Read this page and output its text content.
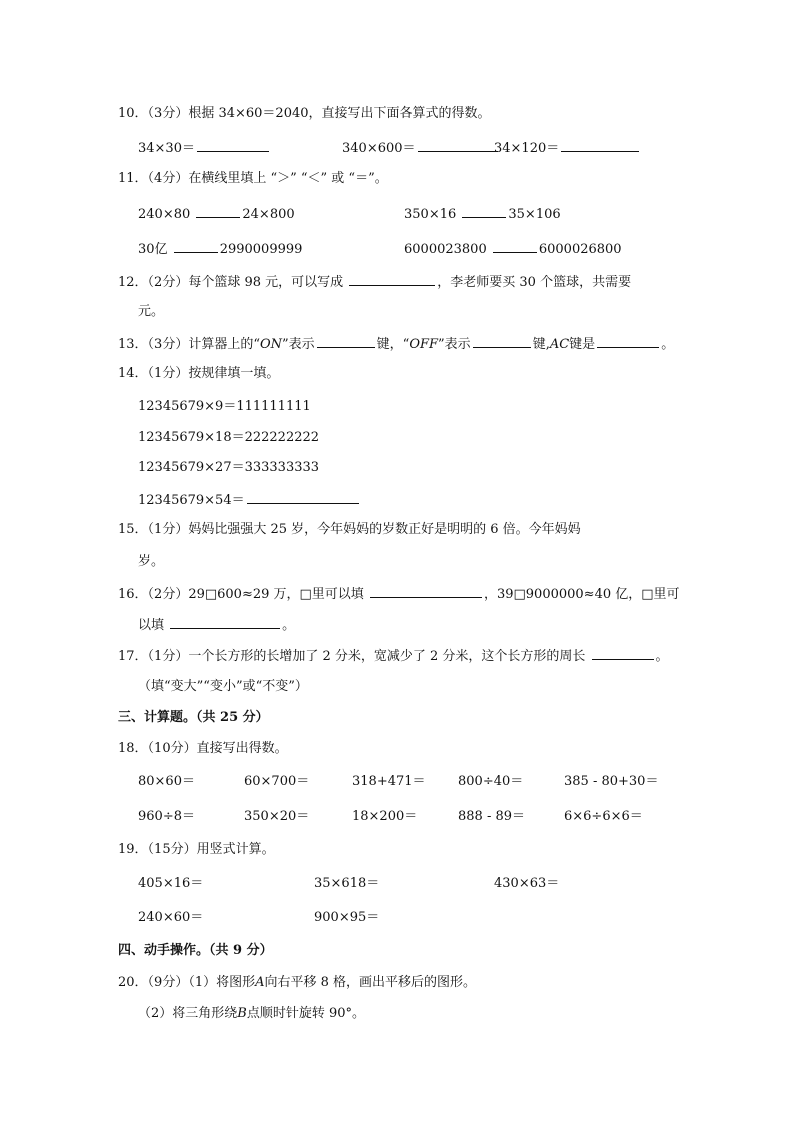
10．（3分）根据 34×60＝2040，直接写出下面各算式的得数。
34×30＝	340×600＝	34×120＝
11．（4分）在横线里填上 “＞” “＜” 或 “＝”。
240×80	24×800	350×16	35×106
30亿	2990009999	6000023800	6000026800
12．（2分）每个篮球 98 元，可以写成	，李老师要买 30 个篮球，共需要
元。
13．（3分）计算器上的“ON”表示	键，“OFF”表示	键,AC键是	。
14．（1分）按规律填一填。
12345679×9＝111111111
12345679×18＝222222222
12345679×27＝333333333
12345679×54＝
15．（1分）妈妈比强强大 25 岁，今年妈妈的岁数正好是明明的 6 倍。今年妈妈
岁。
16．（2分）29□600≈29 万，□里可以填	，39□9000000≈40 亿，□里可
以填	。
17．（1分）一个长方形的长增加了 2 分米，宽减少了 2 分米，这个长方形的周长	。
（填“变大”“变小”或“不变”）
三、计算题。（共 25 分）
18．（10分）直接写出得数。
80×60＝	60×700＝	318+471＝ 800÷40＝	385 - 80+30＝
960÷8＝	350×20＝	18×200＝	888 - 89＝	6×6÷6×6＝
19．（15分）用竖式计算。
405×16＝	35×618＝	430×63＝
240×60＝	900×95＝
四、动手操作。（共 9 分）
20．（9分）（1）将图形A向右平移 8 格，画出平移后的图形。
（2）将三角形绕B点顺时针旋转 90°。
